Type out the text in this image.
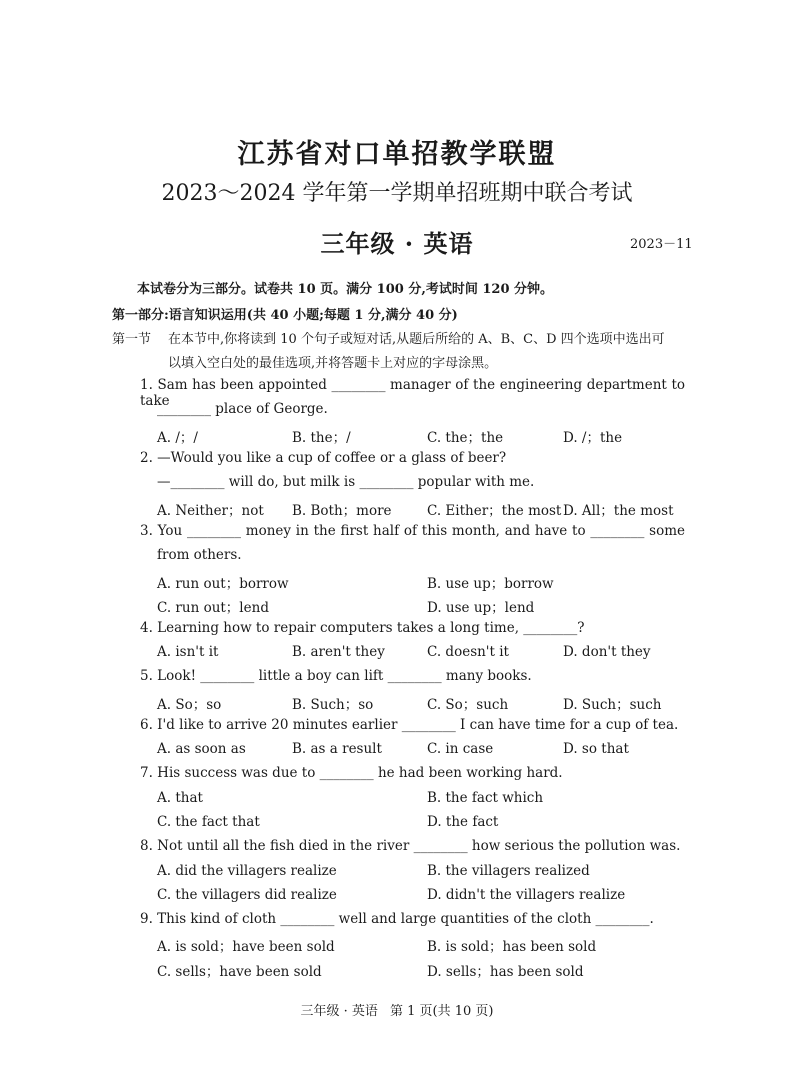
江苏省对口单招教学联盟
2023～2024 学年第一学期单招班期中联合考试
三年级 · 英语	2023－11
本试卷分为三部分。试卷共 10 页。满分 100 分,考试时间 120 分钟。
第一部分:语言知识运用(共 40 小题;每题 1 分,满分 40 分)
第一节 在本节中,你将读到 10 个句子或短对话,从题后所给的 A、B、C、D 四个选项中选出可
以填入空白处的最佳选项,并将答题卡上对应的字母涂黑。
1. Sam has been appointed ________ manager of the engineering department to take
________ place of George.
A. /；/	B. the；/	C. the；the	D. /；the
2. —Would you like a cup of coffee or a glass of beer?
—________ will do, but milk is ________ popular with me.
A. Neither；not B. Both；more	C. Either；the most D. All；the most
3. You ________ money in the first half of this month, and have to ________ some
from others.
A. run out；borrow	B. use up；borrow
C. run out；lend	D. use up；lend
4. Learning how to repair computers takes a long time, ________?
A. isn't it	B. aren't they	C. doesn't it	D. don't they
5. Look! ________ little a boy can lift ________ many books.
A. So；so	B. Such；so	C. So；such	D. Such；such
6. I'd like to arrive 20 minutes earlier ________ I can have time for a cup of tea.
A. as soon as	B. as a result	C. in case	D. so that
7. His success was due to ________ he had been working hard.
A. that	B. the fact which
C. the fact that	D. the fact
8. Not until all the fish died in the river ________ how serious the pollution was.
A. did the villagers realize	B. the villagers realized
C. the villagers did realize	D. didn't the villagers realize
9. This kind of cloth ________ well and large quantities of the cloth ________.
A. is sold；have been sold	B. is sold；has been sold
C. sells；have been sold	D. sells；has been sold
三年级 · 英语 第 1 页(共 10 页)
